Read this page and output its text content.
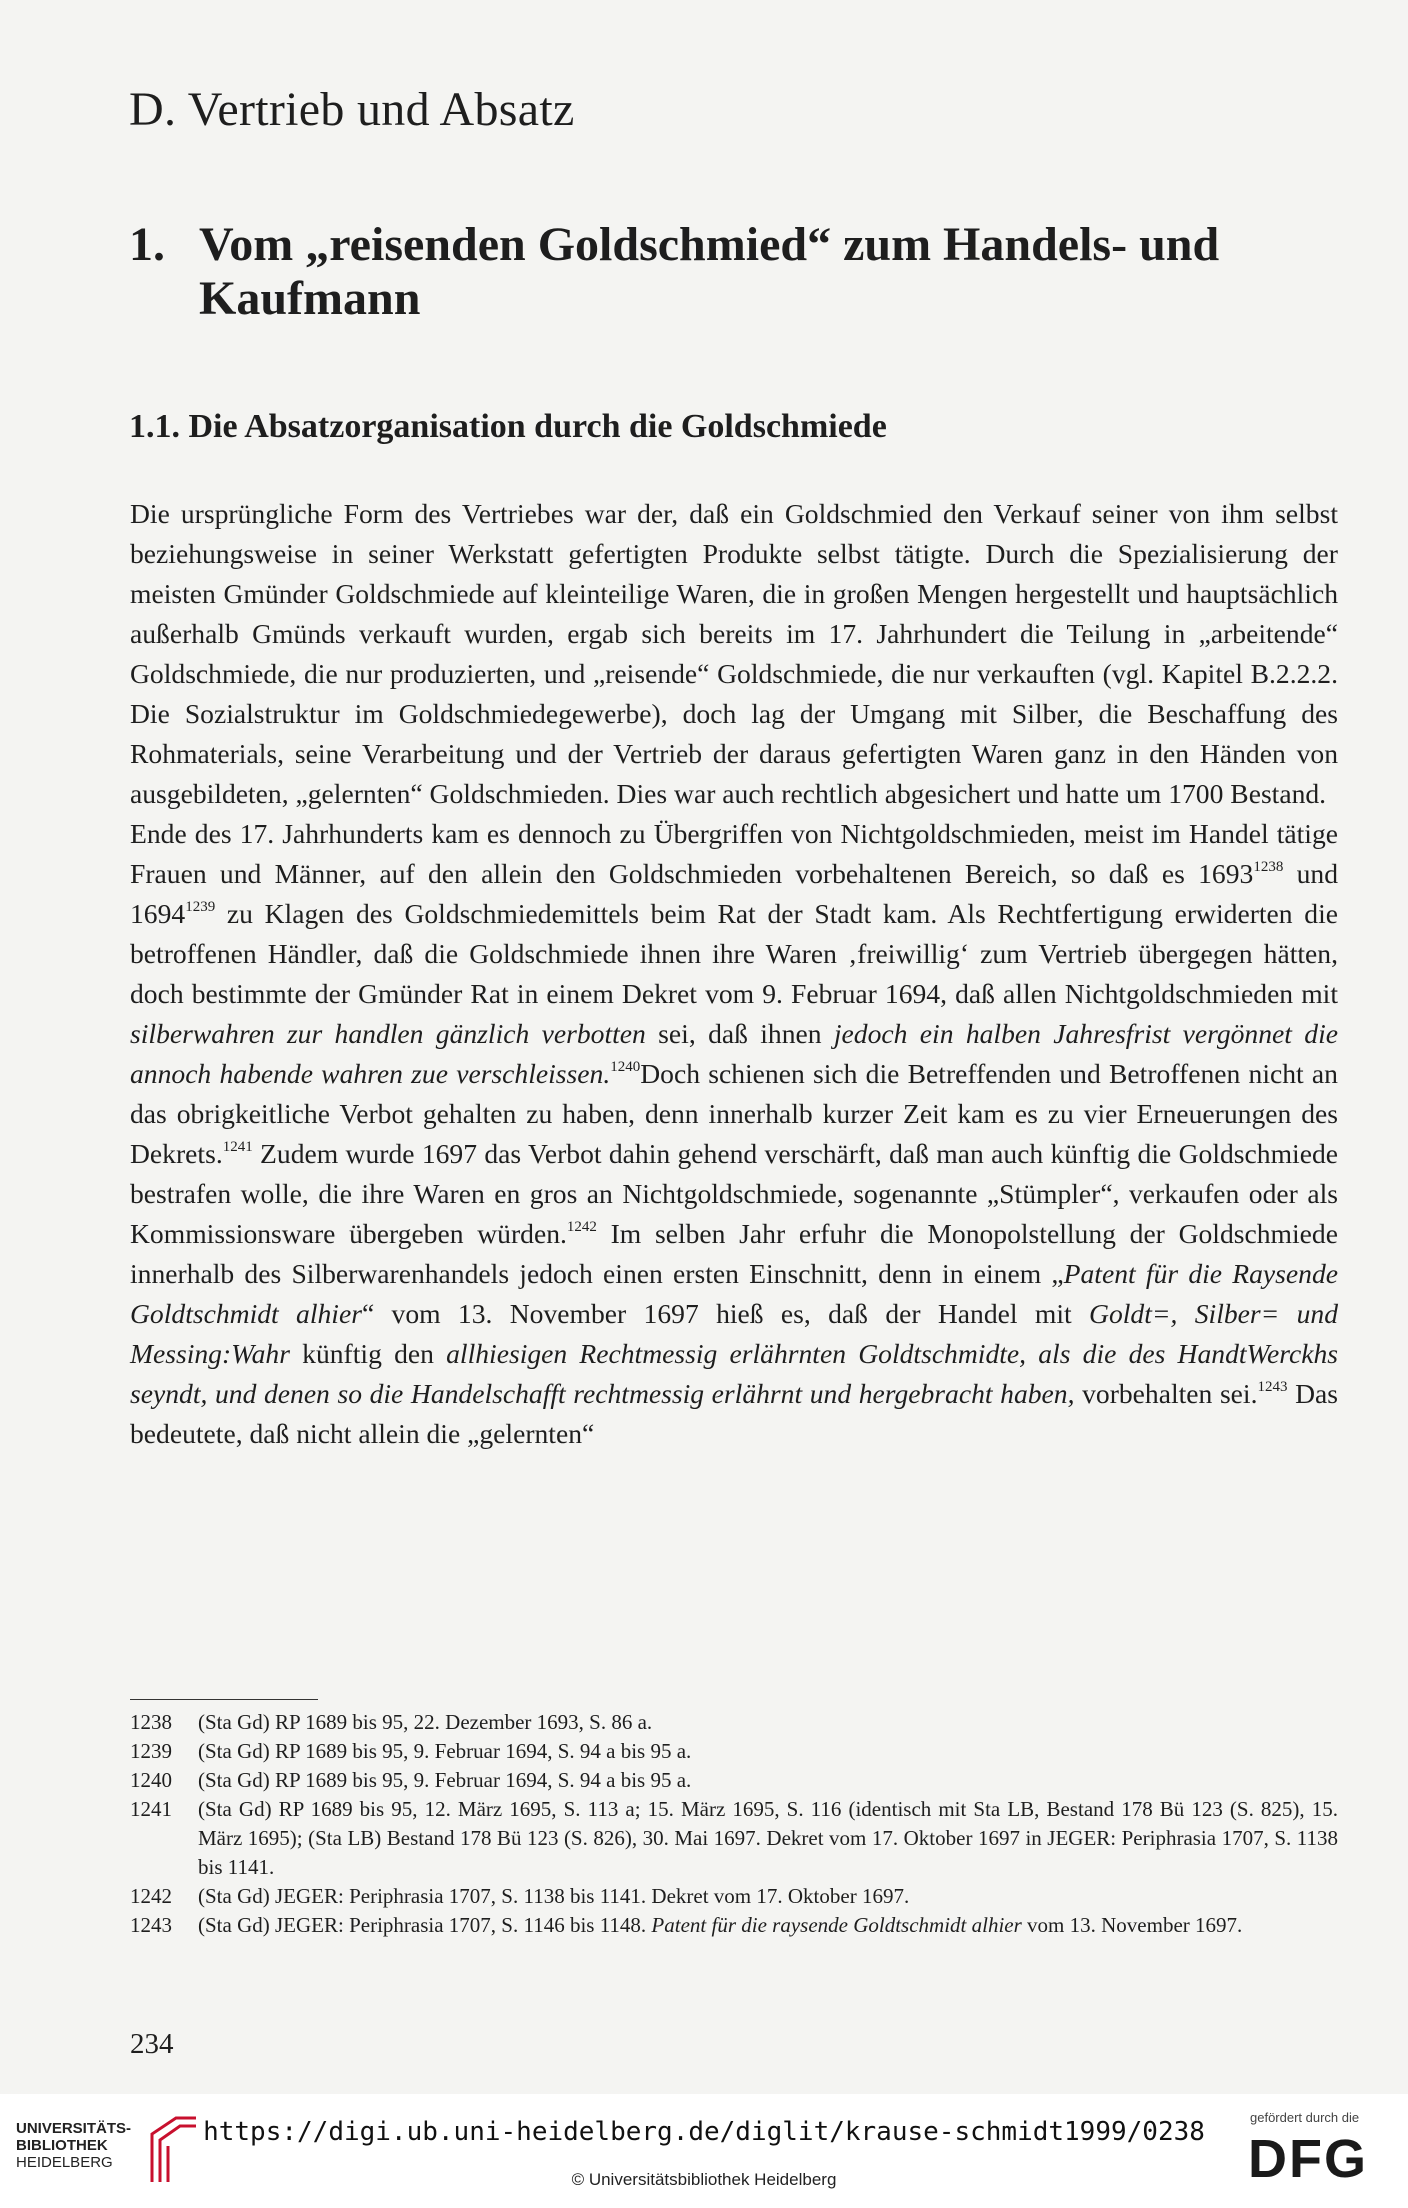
D. Vertrieb und Absatz
1. Vom „reisenden Goldschmied“ zum Handels- und Kaufmann
1.1. Die Absatzorganisation durch die Goldschmiede

Die ursprüngliche Form des Vertriebes war der, daß ein Goldschmied den Verkauf seiner von ihm selbst beziehungsweise in seiner Werkstatt gefertigten Produkte selbst tätigte. Durch die Spezialisierung der meisten Gmünder Goldschmiede auf kleinteilige Waren, die in großen Mengen hergestellt und hauptsächlich außerhalb Gmünds verkauft wurden, ergab sich bereits im 17. Jahrhundert die Teilung in „arbeitende“ Goldschmiede, die nur produzierten, und „reisende“ Goldschmiede, die nur verkauften (vgl. Kapitel B.2.2.2. Die Sozialstruktur im Goldschmiedegewerbe), doch lag der Umgang mit Silber, die Beschaffung des Rohmaterials, seine Verarbeitung und der Vertrieb der daraus gefertigten Waren ganz in den Händen von ausgebildeten, „gelernten“ Goldschmieden. Dies war auch rechtlich abgesichert und hatte um 1700 Bestand.

Ende des 17. Jahrhunderts kam es dennoch zu Übergriffen von Nichtgoldschmieden, meist im Handel tätige Frauen und Männer, auf den allein den Goldschmieden vorbehaltenen Bereich, so daß es $1693^{1238}$ und $1694^{1239}$ zu Klagen des Goldschmiedemittels beim Rat der Stadt kam. Als Rechtfertigung erwiderten die betroffenen Händler, daß die Goldschmiede ihnen ihre Waren ‚freiwillig‘ zum Vertrieb übergegen hätten, doch bestimmte der Gmünder Rat in einem Dekret vom 9. Februar 1694, daß allen Nichtgoldschmieden mit silberwahren zur handlen gänzlich verbotten sei, daß ihnen jedoch ein halben Jahresfrist vergönnet die annoch habende wahren zue verschleissen.$^{1240}$Doch schienen sich die Betreffenden und Betroffenen nicht an das obrigkeitliche Verbot gehalten zu haben, denn innerhalb kurzer Zeit kam es zu vier Erneuerungen des Dekrets.$^{1241}$ Zudem wurde 1697 das Verbot dahin gehend verschärft, daß man auch künftig die Goldschmiede bestrafen wolle, die ihre Waren en gros an Nichtgoldschmiede, sogenannte „Stümpler“, verkaufen oder als Kommissionsware übergeben würden.$^{1242}$ Im selben Jahr erfuhr die Monopolstellung der Goldschmiede innerhalb des Silberwarenhandels jedoch einen ersten Einschnitt, denn in einem „Patent für die Raysende Goldtschmidt alhier“ vom 13. November 1697 hieß es, daß der Handel mit Goldt=, Silber= und Messing:Wahr künftig den allhiesigen Rechtmessig erlährnten Goldtschmidte, als die des HandtWerckhs seyndt, und denen so die Handelschafft rechtmessig erlährnt und hergebracht haben, vorbehalten sei.$^{1243}$ Das bedeutete, daß nicht allein die „gelernten“

1238	(Sta Gd) RP 1689 bis 95, 22. Dezember 1693, S. 86 a.
1239	(Sta Gd) RP 1689 bis 95, 9. Februar 1694, S. 94 a bis 95 a.
1240	(Sta Gd) RP 1689 bis 95, 9. Februar 1694, S. 94 a bis 95 a.
1241	(Sta Gd) RP 1689 bis 95, 12. März 1695, S. 113 a; 15. März 1695, S. 116 (identisch mit Sta LB, Bestand 178 Bü 123 (S. 825), 15. März 1695); (Sta LB) Bestand 178 Bü 123 (S. 826), 30. Mai 1697. Dekret vom 17. Oktober 1697 in JEGER: Periphrasia 1707, S. 1138 bis 1141.
1242	(Sta Gd) JEGER: Periphrasia 1707, S. 1138 bis 1141. Dekret vom 17. Oktober 1697.
1243	(Sta Gd) JEGER: Periphrasia 1707, S. 1146 bis 1148. Patent für die raysende Goldtschmidt alhier vom 13. November 1697.
234
UNIVERSITÄTS-
BIBLIOTHEK
HEIDELBERG
https://digi.ub.uni-heidelberg.de/diglit/krause-schmidt1999/0238
© Universitätsbibliothek Heidelberg
gefördert durch die
DFG
